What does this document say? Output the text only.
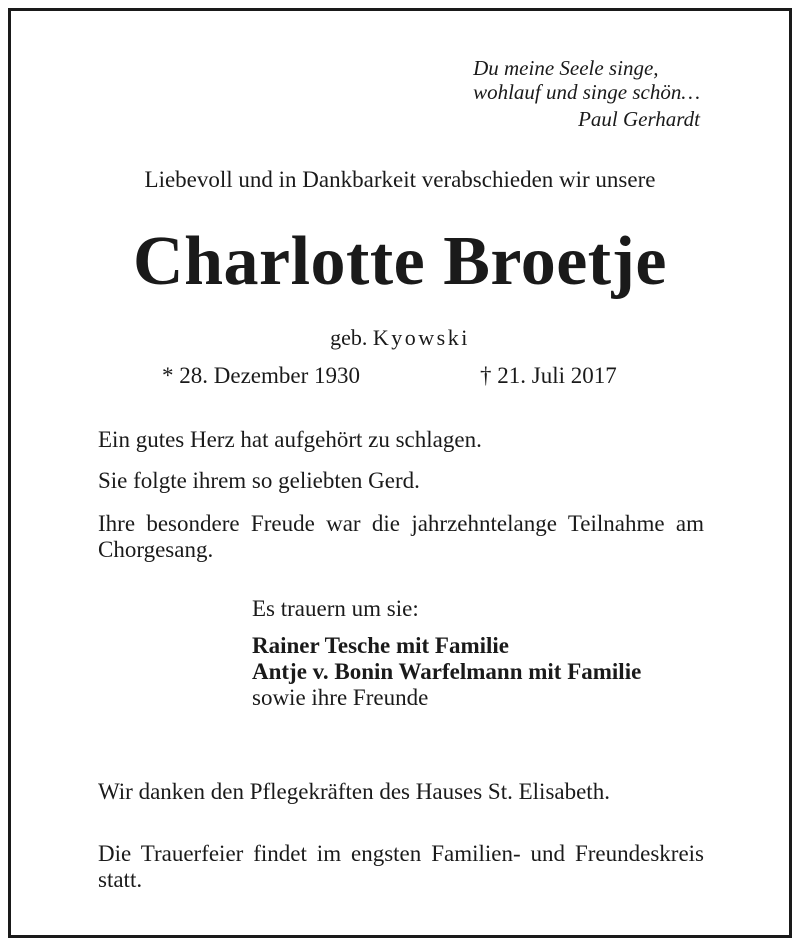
Du meine Seele singe,
wohlauf und singe schön…
Paul Gerhardt
Liebevoll und in Dankbarkeit verabschieden wir unsere
Charlotte Broetje
geb. Kyowski
* 28. Dezember 1930	† 21. Juli 2017
Ein gutes Herz hat aufgehört zu schlagen.
Sie folgte ihrem so geliebten Gerd.
Ihre besondere Freude war die jahrzehntelange Teilnahme am Chorgesang.
Es trauern um sie:
Rainer Tesche mit Familie
Antje v. Bonin Warfelmann mit Familie
sowie ihre Freunde
Wir danken den Pflegekräften des Hauses St. Elisabeth.
Die Trauerfeier findet im engsten Familien- und Freundeskreis statt.
